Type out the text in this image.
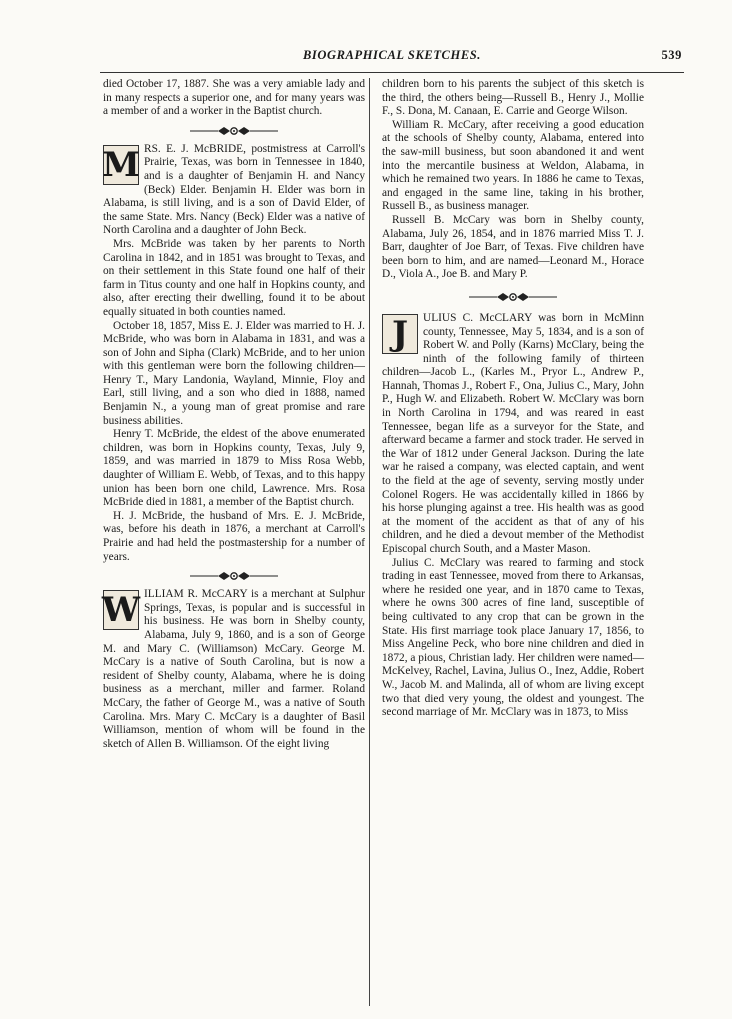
BIOGRAPHICAL SKETCHES.	539

died October 17, 1887. She was a very amiable lady and in many respects a superior one, and for many years was a member of and a worker in the Baptist church.

M RS. E. J. McBRIDE, postmistress at Carroll's Prairie, Texas, was born in Tennessee in 1840, and is a daughter of Benjamin H. and Nancy (Beck) Elder. Benjamin H. Elder was born in Alabama, is still living, and is a son of David Elder, of the same State. Mrs. Nancy (Beck) Elder was a native of North Carolina and a daughter of John Beck.

Mrs. McBride was taken by her parents to North Carolina in 1842, and in 1851 was brought to Texas, and on their settlement in this State found one half of their farm in Titus county and one half in Hopkins county, and also, after erecting their dwelling, found it to be about equally situated in both counties named.

October 18, 1857, Miss E. J. Elder was married to H. J. McBride, who was born in Alabama in 1831, and was a son of John and Sipha (Clark) McBride, and to her union with this gentleman were born the following children—Henry T., Mary Landonia, Wayland, Minnie, Floy and Earl, still living, and a son who died in 1888, named Benjamin N., a young man of great promise and rare business abilities.

Henry T. McBride, the eldest of the above enumerated children, was born in Hopkins county, Texas, July 9, 1859, and was married in 1879 to Miss Rosa Webb, daughter of William E. Webb, of Texas, and to this happy union has been born one child, Lawrence. Mrs. Rosa McBride died in 1881, a member of the Baptist church.

H. J. McBride, the husband of Mrs. E. J. McBride, was, before his death in 1876, a merchant at Carroll's Prairie and had held the postmastership for a number of years.

W ILLIAM R. McCARY is a merchant at Sulphur Springs, Texas, is popular and is successful in his business. He was born in Shelby county, Alabama, July 9, 1860, and is a son of George M. and Mary C. (Williamson) McCary. George M. McCary is a native of South Carolina, but is now a resident of Shelby county, Alabama, where he is doing business as a merchant, miller and farmer. Roland McCary, the father of George M., was a native of South Carolina. Mrs. Mary C. McCary is a daughter of Basil Williamson, mention of whom will be found in the sketch of Allen B. Williamson. Of the eight living

children born to his parents the subject of this sketch is the third, the others being—Russell B., Henry J., Mollie F., S. Dona, M. Canaan, E. Carrie and George Wilson.

William R. McCary, after receiving a good education at the schools of Shelby county, Alabama, entered into the saw-mill business, but soon abandoned it and went into the mercantile business at Weldon, Alabama, in which he remained two years. In 1886 he came to Texas, and engaged in the same line, taking in his brother, Russell B., as business manager.

Russell B. McCary was born in Shelby county, Alabama, July 26, 1854, and in 1876 married Miss T. J. Barr, daughter of Joe Barr, of Texas. Five children have been born to him, and are named—Leonard M., Horace D., Viola A., Joe B. and Mary P.

J	ULIUS C. McCLARY was born in McMinn county, Tennessee, May 5, 1834, and is a son of Robert W. and Polly (Karns) McClary, being the ninth of the following family of thirteen children—Jacob L., (Karles M., Pryor L., Andrew P., Hannah, Thomas J., Robert F., Ona, Julius C., Mary, John P., Hugh W. and Elizabeth. Robert W. McClary was born in North Carolina in 1794, and was reared in east Tennessee, began life as a surveyor for the State, and afterward became a farmer and stock trader. He served in the War of 1812 under General Jackson. During the late war he raised a company, was elected captain, and went to the field at the age of seventy, serving mostly under Colonel Rogers. He was accidentally killed in 1866 by his horse plunging against a tree. His health was as good at the moment of the accident as that of any of his children, and he died a devout member of the Methodist Episcopal church South, and a Master Mason.

Julius C. McClary was reared to farming and stock trading in east Tennessee, moved from there to Arkansas, where he resided one year, and in 1870 came to Texas, where he owns 300 acres of fine land, susceptible of being cultivated to any crop that can be grown in the State. His first marriage took place January 17, 1856, to Miss Angeline Peck, who bore nine children and died in 1872, a pious, Christian lady. Her children were named—McKelvey, Rachel, Lavina, Julius O., Inez, Addie, Robert W., Jacob M. and Malinda, all of whom are living except two that died very young, the oldest and youngest. The second marriage of Mr. McClary was in 1873, to Miss
